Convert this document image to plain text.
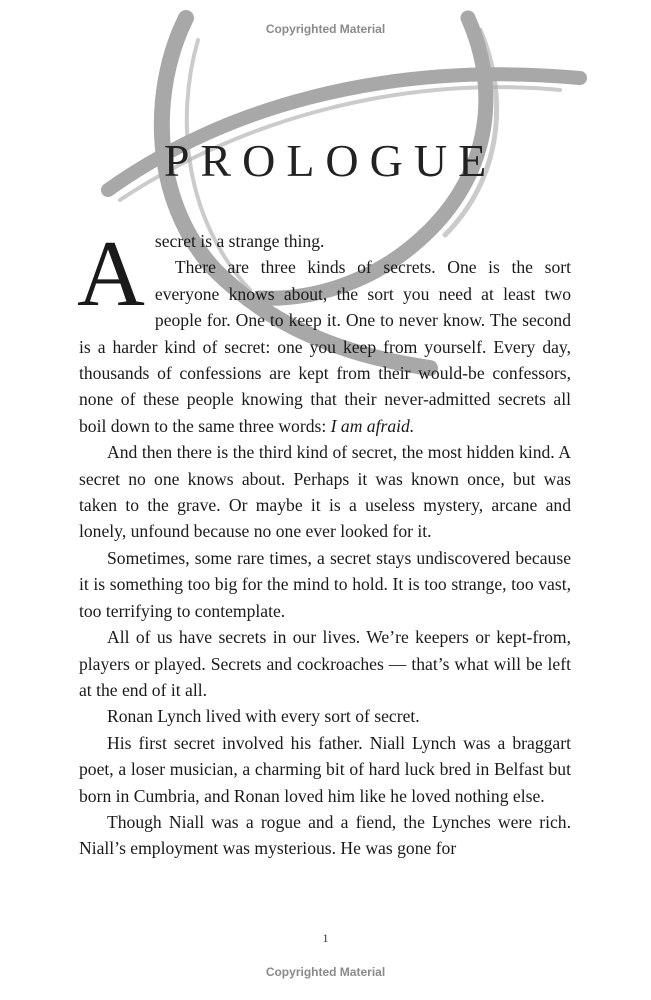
Copyrighted Material
PROLOGUE

A secret is a strange thing.
There are three kinds of secrets. One is the sort everyone knows about, the sort you need at least two people for. One to keep it. One to never know. The second is a harder kind of secret: one you keep from yourself. Every day, thousands of confessions are kept from their would-be confessors, none of these people knowing that their never-admitted secrets all boil down to the same three words: I am afraid.

And then there is the third kind of secret, the most hidden kind. A secret no one knows about. Perhaps it was known once, but was taken to the grave. Or maybe it is a useless mystery, arcane and lonely, unfound because no one ever looked for it.

Sometimes, some rare times, a secret stays undiscovered because it is something too big for the mind to hold. It is too strange, too vast, too terrifying to contemplate.

All of us have secrets in our lives. We’re keepers or kept-from, players or played. Secrets and cockroaches — that’s what will be left at the end of it all.

Ronan Lynch lived with every sort of secret.

His first secret involved his father. Niall Lynch was a braggart poet, a loser musician, a charming bit of hard luck bred in Belfast but born in Cumbria, and Ronan loved him like he loved nothing else.

Though Niall was a rogue and a fiend, the Lynches were rich. Niall’s employment was mysterious. He was gone for

1
Copyrighted Material
